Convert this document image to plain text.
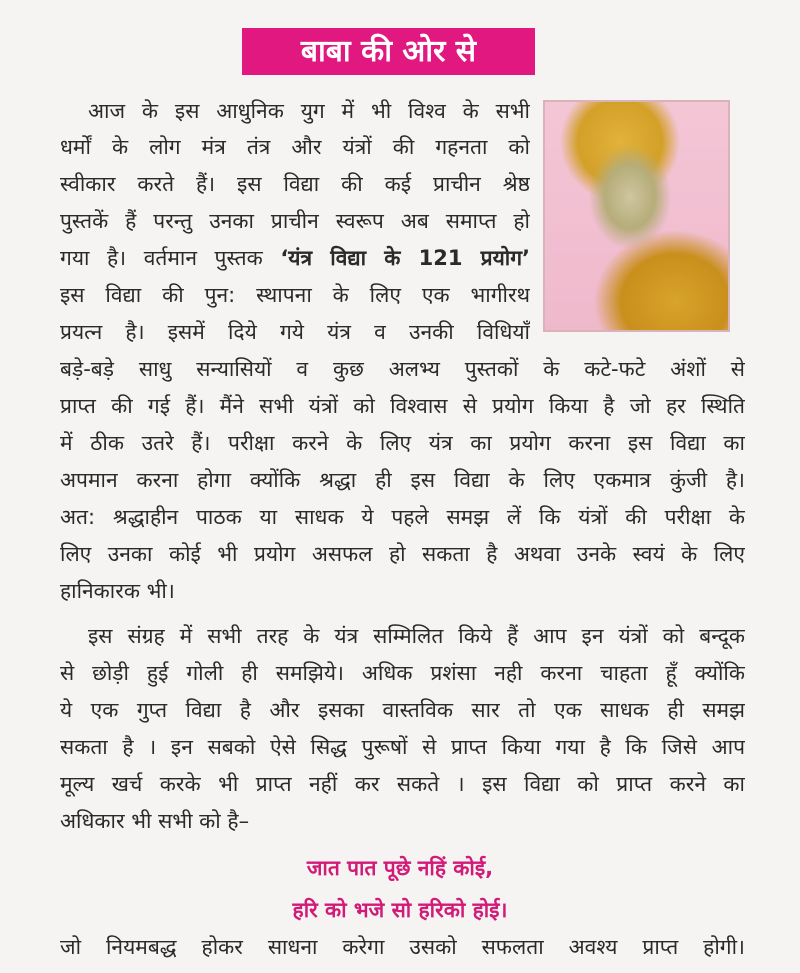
बाबा की ओर से
आज के इस आधुनिक युग में भी विश्व के सभी
धर्मों के लोग मंत्र तंत्र और यंत्रों की गहनता को
स्वीकार करते हैं। इस विद्या की कई प्राचीन श्रेष्ठ
पुस्तकें हैं परन्तु उनका प्राचीन स्वरूप अब समाप्त हो
गया है। वर्तमान पुस्तक ‘यंत्र विद्या के 121 प्रयोग’
इस विद्या की पुन: स्थापना के लिए एक भागीरथ
प्रयत्न है। इसमें दिये गये यंत्र व उनकी विधियाँ
बड़े-बड़े साधु सन्यासियों व कुछ अलभ्य पुस्तकों के कटे-फटे अंशों से
प्राप्त की गई हैं। मैंने सभी यंत्रों को विश्वास से प्रयोग किया है जो हर स्थिति
में ठीक उतरे हैं। परीक्षा करने के लिए यंत्र का प्रयोग करना इस विद्या का
अपमान करना होगा क्योंकि श्रद्धा ही इस विद्या के लिए एकमात्र कुंजी है।
अत: श्रद्धाहीन पाठक या साधक ये पहले समझ लें कि यंत्रों की परीक्षा के
लिए उनका कोई भी प्रयोग असफल हो सकता है अथवा उनके स्वयं के लिए
हानिकारक भी।
इस संग्रह में सभी तरह के यंत्र सम्मिलित किये हैं आप इन यंत्रों को बन्दूक
से छोड़ी हुई गोली ही समझिये। अधिक प्रशंसा नही करना चाहता हूँ क्योंकि
ये एक गुप्त विद्या है और इसका वास्तविक सार तो एक साधक ही समझ
सकता है । इन सबको ऐसे सिद्ध पुरूषों से प्राप्त किया गया है कि जिसे आप
मूल्य खर्च करके भी प्राप्त नहीं कर सकते । इस विद्या को प्राप्त करने का
अधिकार भी सभी को है–
जात पात पूछे नहिं कोई,
हरि को भजे सो हरिको होई।
जो नियमबद्ध होकर साधना करेगा उसको सफलता अवश्य प्राप्त होगी।
